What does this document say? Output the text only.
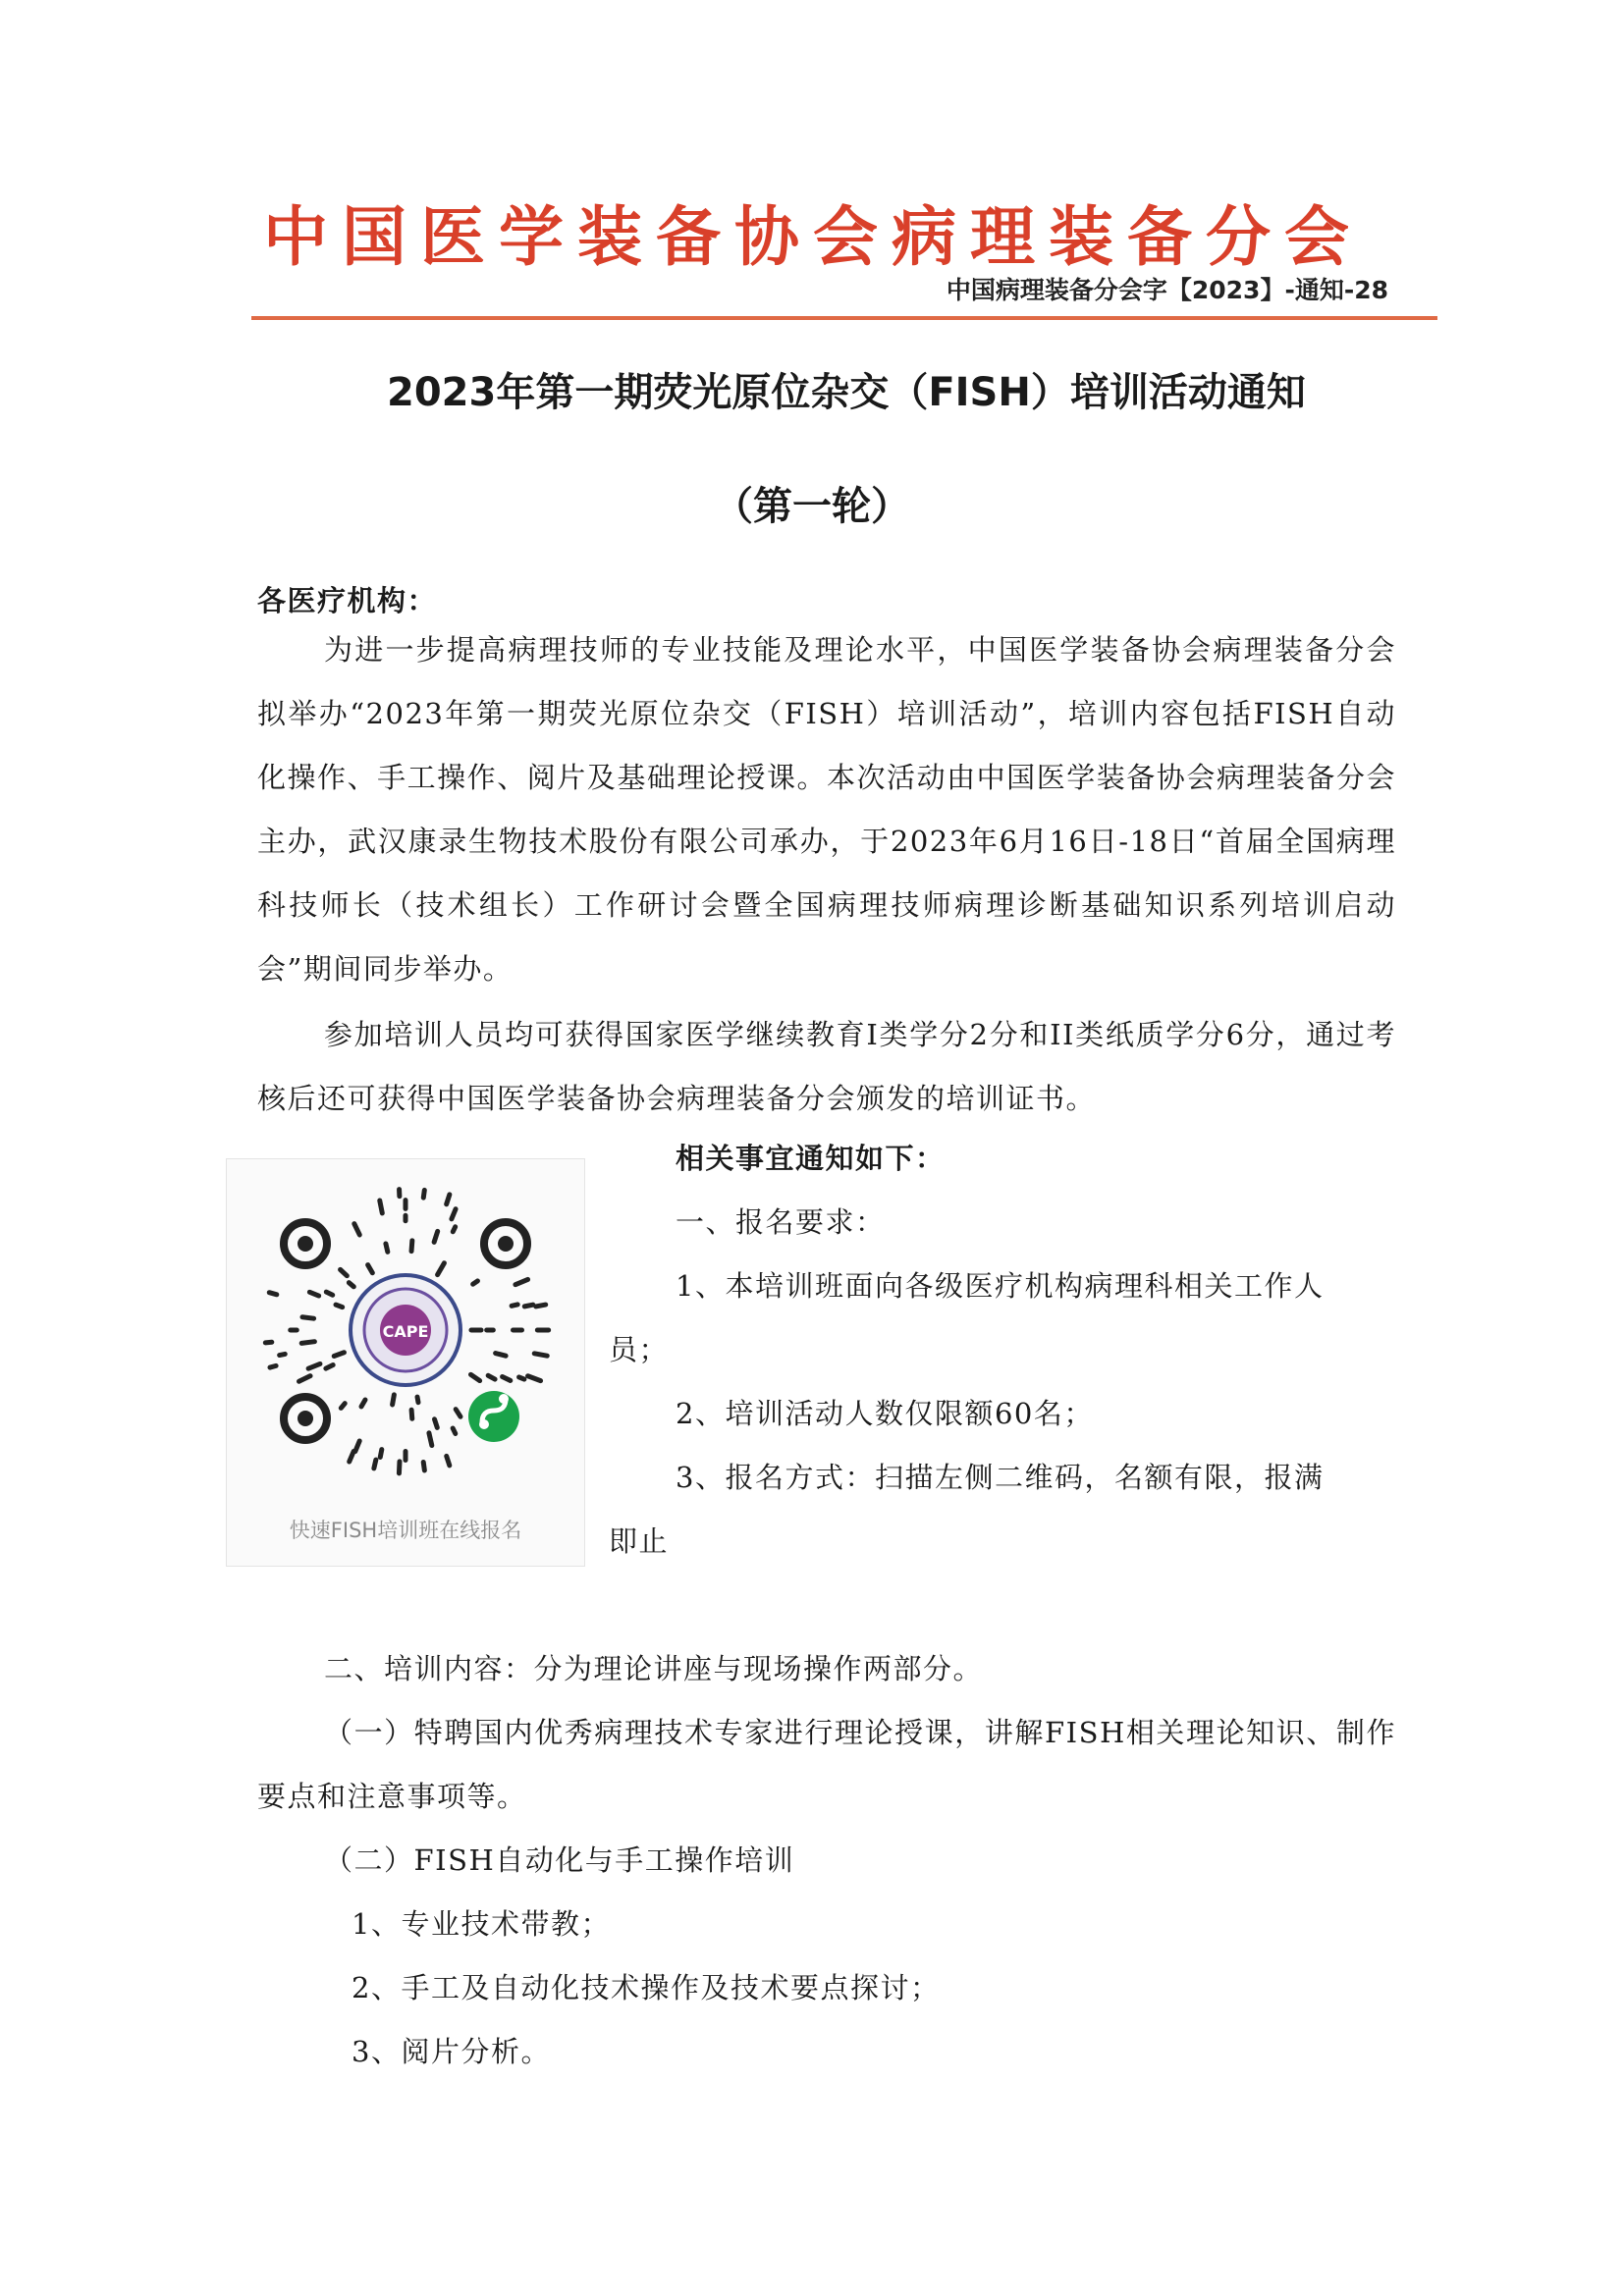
中国医学装备协会病理装备分会
中国病理装备分会字【2023】-通知-28
2023年第一期荧光原位杂交（FISH）培训活动通知
（第一轮）
各医疗机构：
为进一步提高病理技师的专业技能及理论水平，中国医学装备协会病理装备分会拟举办“2023年第一期荧光原位杂交（FISH）培训活动”，培训内容包括FISH自动化操作、手工操作、阅片及基础理论授课。本次活动由中国医学装备协会病理装备分会主办，武汉康录生物技术股份有限公司承办，于2023年6月16日-18日“首届全国病理科技师长（技术组长）工作研讨会暨全国病理技师病理诊断基础知识系列培训启动会”期间同步举办。
参加培训人员均可获得国家医学继续教育I类学分2分和II类纸质学分6分，通过考核后还可获得中国医学装备协会病理装备分会颁发的培训证书。
CAPE
快速FISH培训班在线报名
相关事宜通知如下：
一、报名要求：
1、本培训班面向各级医疗机构病理科相关工作人
员；
2、培训活动人数仅限额60名；
3、报名方式：扫描左侧二维码，名额有限，报满
即止
二、培训内容：分为理论讲座与现场操作两部分。
（一）特聘国内优秀病理技术专家进行理论授课，讲解FISH相关理论知识、制作要点和注意事项等。
（二）FISH自动化与手工操作培训
1、专业技术带教；
2、手工及自动化技术操作及技术要点探讨；
3、阅片分析。
